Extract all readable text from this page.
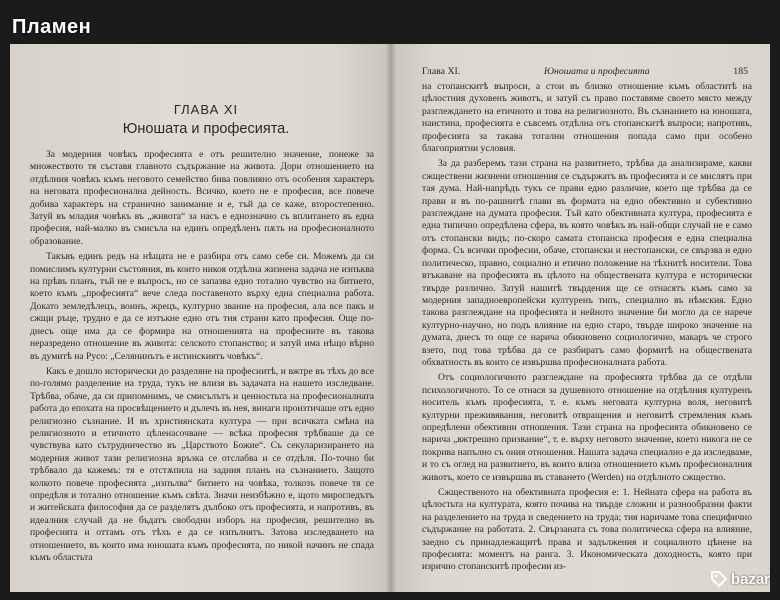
Пламен
ГЛАВА XI
Юношата и професията.

За модерния човѣкъ професията е отъ решително значение, понеже за множеството тя съставя главното съдържание на живота. Дори отношението на отдѣлния човѣкъ къмъ неговото семейство бива повлияно отъ особения характеръ на неговата професионална дейность. Всичко, което не е професия, все повече добива характеръ на странично занимание и е, тъй да се каже, второстепенно. Затуй въ младия човѣкъ въ „живота“ за насъ е еднозначно съ вплитането въ една професия, най-малко въ смисъла на единъ опредѣленъ пѫть на професионалното образование.

Такъвъ единъ редъ на нѣщата не е разбира отъ само себе си. Можемъ да си помислимъ културни състояния, въ които никоя отдѣлна жизнена задача не изпъква на прѣвъ планъ, тъй не е въпросъ, но се запазва едно тотално чувство на битието, което къмъ „професията“ вече следа поставеното върху една специална работа. Докато земледѣлецъ, воинъ, жрецъ, културно звание на професия, ала все пакъ и сжщи ръце, трудно е да се изтъкне едно отъ тия страни като професия. Още по-днесъ още има да се формира на отношенията на професиите въ такова неразредено отношение въ живота: селското стопанство; и затуй има нѣщо вѣрно въ думитѣ на Русо: „Селянинътъ е истинскиятъ човѣкъ“.

Какъ е дошло исторически до разделяне на професиитѣ, и вжтре въ тѣхъ до все по-голямо разделение на труда, тукъ не влизя въ задачата на нашето изследване. Трѣбва, обаче, да си припомнимъ, че смисълътъ и ценностьта на професионалната работа до епохата на просвѣщението и дълечъ въ нея, винаги произтичаше отъ едно религиозно съзнание. И въ християнската култура — при всичката смѣна на религиозното и етичното цѣленасочване — всѣка професия трѣбваше да се чувствува като сътрудничество въ „Царството Божие“. Съ секуларизирането на модерния живот тази религиозна връзка се отслабва и се отдѣля. По-точно би трѣбвало да кажемъ: тя е отстѫпила на задния планъ на съзнанието. Защото колкото повече професията „изпълва“ битието на човѣка, толкозъ повече тя се опредѣля и тотално отношение къмъ свѣта. Значи неизбѣжно е, щото мирогледътъ и житейската философия да се разделятъ дълбоко отъ професията, и напротивъ, въ идеалния случай да не бъдатъ свободни изборъ на професия, решително въ професията и оттамъ отъ тѣхъ е да се изпълнятъ. Затова изследването на отношението, въ които има юношата къмъ професията, по никой начинъ не спада къмъ областьта

Глава XI.	Юношата и професията	185

на стопанскитѣ въпроси, а стои въ близко отношение къмъ областитѣ на цѣлостния духовенъ животъ, и затуй съ право поставяме своето място между разглеждането на етичното и това на религиозното. Въ съзнанието на юношата, наистина, професията е съвсемъ отдѣлна отъ стопанскитѣ въпроси; напротивъ, професията за такава тотални отношения попада само при особено благоприятни условия.

За да разберемъ тази страна на развитието, трѣбва да анализираме, какви сжществени жизнени отношения се съдържатъ въ професията и се мислятъ при тая дума. Най-напрѣдъ тукъ се прави едно различие, което ще трѣбва да се прави и въ по-рашнитѣ глави въ формата на едно обективно и субективно разглеждане на думата професия. Тъй като обективната култура, професията е една типично опредѣлена сфера, въ която човѣкъ въ най-общи случай не е само отъ стопански видъ; по-скоро самата стопанска професия е една специална форма. Съ всички професии, обаче, стопански и нестопански, се свързва и едно политическо, правно, социално и етично положение на тѣхнитѣ носители. Това втъкаване на професията въ цѣлото на обществената култура е исторически твърде различно. Затуй нашитѣ твърдения ще се отнасятъ къмъ само за модерния западноевропейски културенъ типъ, специално въ нѣмския. Едно такова разглеждане на професията и нейното значение би могло да се нарече културно-научно, но подъ влияние на едно старо, твърде широко значение на думата, днесъ то още се нарича обикновено социологично, макаръ че строго взето, под това трѣбва да се разбиратъ само формитѣ на обществената обхватность въ които се извършва професионалната работа.

Отъ социологичното разглеждане на професията трѣбва да се отдѣли психологичното. То се отнася за душевното отношение на отдѣлния културенъ носитель къмъ професията, т. е. къмъ неговата културна воля, неговитѣ културни преживявания, неговитѣ отвращения и неговитѣ стремления къмъ опредѣлени обективни отношения. Тази страна на професията обикновено се нарича „вжтрешно призвание“, т. е. върху неговото значение, което никога не се покрива напълно съ ония отношения. Нашата задача специално е да изследваме, и то съ оглед на развитието, въ които влиза отношението къмъ професионалния животъ, което се извършва въ ставането (Werden) на отдѣлното сжщество.

Сжщественото на обективната професия е: 1. Нейната сфера на работа въ цѣлостьта на културата, която почива на твърде сложни и разнообразни факти на разделението на труда и сведението на труда; тия наричаме това специфично съдържание на работата. 2. Свързаната съ това политическа сфера на влияние, заедно съ принадлежащитѣ права и задължения и социалното цѣнене на професията: моментъ на ранга. 3. Икономическата доходность, която при изрично стопанскитѣ професии из-

bazar
